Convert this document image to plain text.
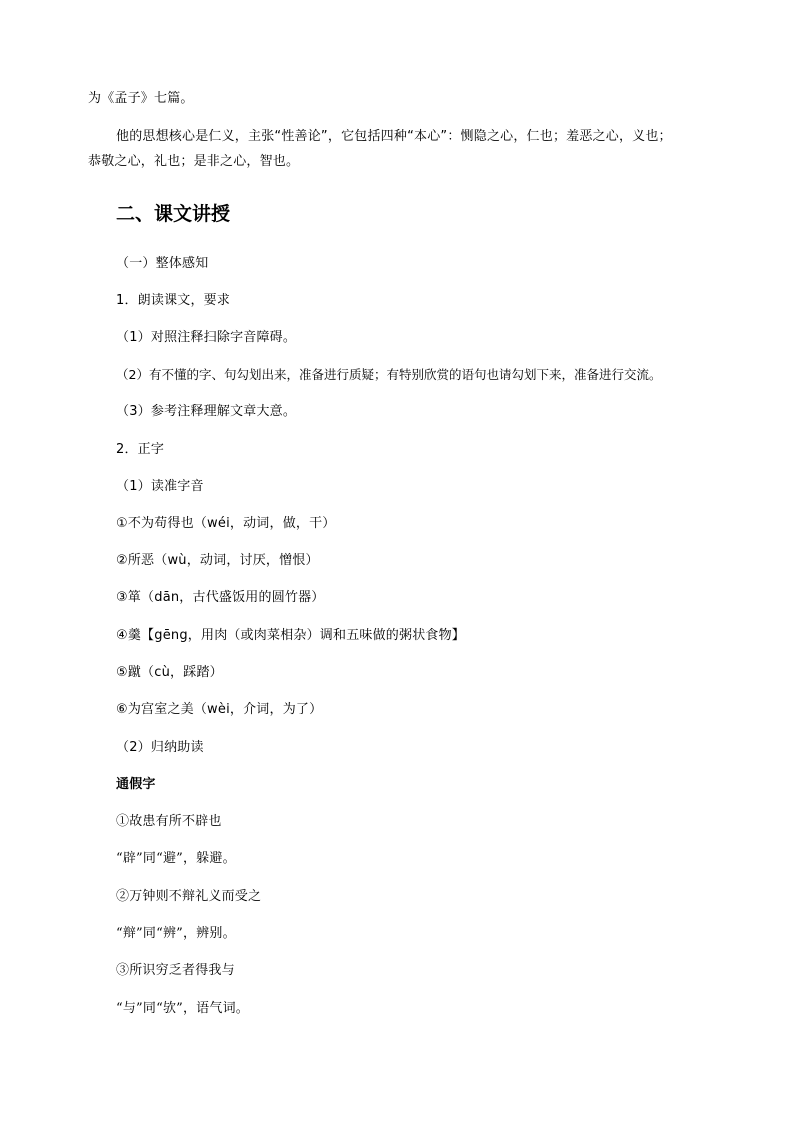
为《孟子》七篇。
他的思想核心是仁义，主张“性善论”，它包括四种“本心”：恻隐之心，仁也；羞恶之心，义也；
恭敬之心，礼也；是非之心，智也。
二、课文讲授
（一）整体感知
1．朗读课文，要求
（1）对照注释扫除字音障碍。
（2）有不懂的字、句勾划出来，准备进行质疑；有特别欣赏的语句也请勾划下来，准备进行交流。
（3）参考注释理解文章大意。
2．正字
（1）读准字音
①不为苟得也（wéi，动词，做，干）
②所恶（wù，动词，讨厌，憎恨）
③箪（dān，古代盛饭用的圆竹器）
④羹【gēng，用肉（或肉菜相杂）调和五味做的粥状食物】
⑤蹴（cù，踩踏）
⑥为宫室之美（wèi，介词，为了）
（2）归纳助读
通假字
①故患有所不辟也
“辟”同“避”，躲避。
②万钟则不辩礼义而受之
“辩”同“辨”，辨别。
③所识穷乏者得我与
“与”同“欤”，语气词。
